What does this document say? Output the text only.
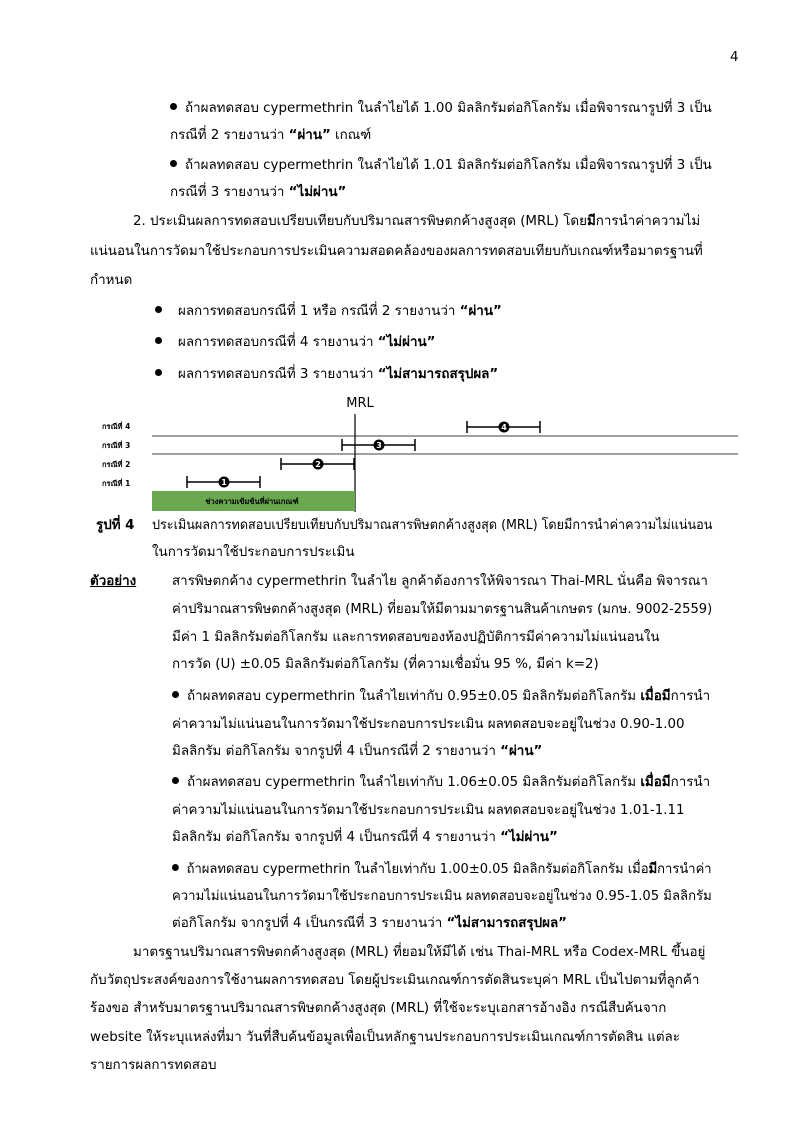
4
ถ้าผลทดสอบ cypermethrin ในลำไยได้ 1.00 มิลลิกรัมต่อกิโลกรัม เมื่อพิจารณารูปที่ 3 เป็น
กรณีที่ 2 รายงานว่า “ผ่าน” เกณฑ์
ถ้าผลทดสอบ cypermethrin ในลำไยได้ 1.01 มิลลิกรัมต่อกิโลกรัม เมื่อพิจารณารูปที่ 3 เป็น
กรณีที่ 3 รายงานว่า “ไม่ผ่าน”
2. ประเมินผลการทดสอบเปรียบเทียบกับปริมาณสารพิษตกค้างสูงสุด (MRL) โดยมีการนำค่าความไม่
แน่นอนในการวัดมาใช้ประกอบการประเมินความสอดคล้องของผลการทดสอบเทียบกับเกณฑ์หรือมาตรฐานที่
กำหนด
ผลการทดสอบกรณีที่ 1 หรือ กรณีที่ 2 รายงานว่า “ผ่าน”
ผลการทดสอบกรณีที่ 4 รายงานว่า “ไม่ผ่าน”
ผลการทดสอบกรณีที่ 3 รายงานว่า “ไม่สามารถสรุปผล”
MRL
กรณีที่ 4
กรณีที่ 3
กรณีที่ 2
กรณีที่ 1
4
3
2
1
ช่วงความเข้มข้นที่ผ่านเกณฑ์
รูปที่ 4 ประเมินผลการทดสอบเปรียบเทียบกับปริมาณสารพิษตกค้างสูงสุด (MRL) โดยมีการนำค่าความไม่แน่นอน
ในการวัดมาใช้ประกอบการประเมิน
ตัวอย่าง	สารพิษตกค้าง cypermethrin ในลำไย ลูกค้าต้องการให้พิจารณา Thai-MRL นั่นคือ พิจารณา
ค่าปริมาณสารพิษตกค้างสูงสุด (MRL) ที่ยอมให้มีตามมาตรฐานสินค้าเกษตร (มกษ. 9002-2559)
มีค่า 1 มิลลิกรัมต่อกิโลกรัม และการทดสอบของห้องปฏิบัติการมีค่าความไม่แน่นอนใน
การวัด (U) ±0.05 มิลลิกรัมต่อกิโลกรัม (ที่ความเชื่อมั่น 95 %, มีค่า k=2)
ถ้าผลทดสอบ cypermethrin ในลำไยเท่ากับ 0.95±0.05 มิลลิกรัมต่อกิโลกรัม เมื่อมีการนำ
ค่าความไม่แน่นอนในการวัดมาใช้ประกอบการประเมิน ผลทดสอบจะอยู่ในช่วง 0.90-1.00
มิลลิกรัม ต่อกิโลกรัม จากรูปที่ 4 เป็นกรณีที่ 2 รายงานว่า “ผ่าน”
ถ้าผลทดสอบ cypermethrin ในลำไยเท่ากับ 1.06±0.05 มิลลิกรัมต่อกิโลกรัม เมื่อมีการนำ
ค่าความไม่แน่นอนในการวัดมาใช้ประกอบการประเมิน ผลทดสอบจะอยู่ในช่วง 1.01-1.11
มิลลิกรัม ต่อกิโลกรัม จากรูปที่ 4 เป็นกรณีที่ 4 รายงานว่า “ไม่ผ่าน”
ถ้าผลทดสอบ cypermethrin ในลำไยเท่ากับ 1.00±0.05 มิลลิกรัมต่อกิโลกรัม เมื่อมีการนำค่า
ความไม่แน่นอนในการวัดมาใช้ประกอบการประเมิน ผลทดสอบจะอยู่ในช่วง 0.95-1.05 มิลลิกรัม
ต่อกิโลกรัม จากรูปที่ 4 เป็นกรณีที่ 3 รายงานว่า “ไม่สามารถสรุปผล”
มาตรฐานปริมาณสารพิษตกค้างสูงสุด (MRL) ที่ยอมให้มีได้ เช่น Thai-MRL หรือ Codex-MRL ขึ้นอยู่
กับวัตถุประสงค์ของการใช้งานผลการทดสอบ โดยผู้ประเมินเกณฑ์การตัดสินระบุค่า MRL เป็นไปตามที่ลูกค้า
ร้องขอ สำหรับมาตรฐานปริมาณสารพิษตกค้างสูงสุด (MRL) ที่ใช้จะระบุเอกสารอ้างอิง กรณีสืบค้นจาก
website ให้ระบุแหล่งที่มา วันที่สืบค้นข้อมูลเพื่อเป็นหลักฐานประกอบการประเมินเกณฑ์การตัดสิน แต่ละ
รายการผลการทดสอบ
